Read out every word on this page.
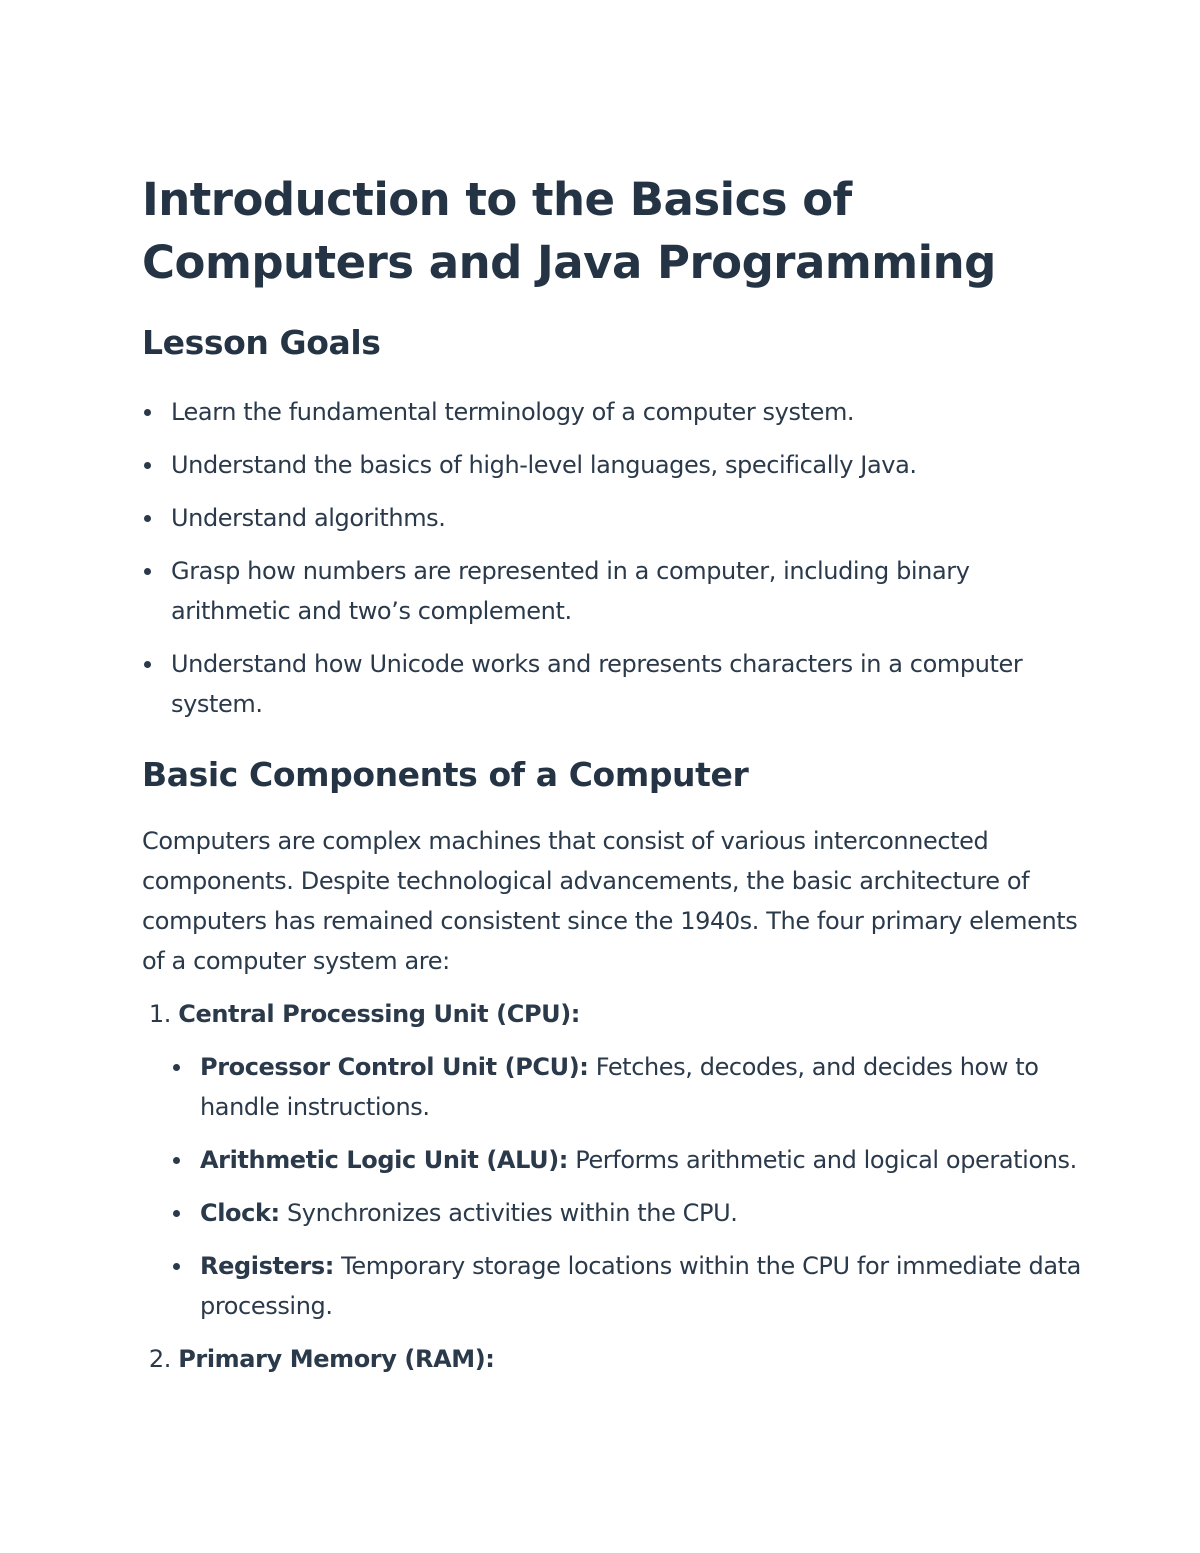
Introduction to the Basics of Computers and Java Programming
Lesson Goals
Learn the fundamental terminology of a computer system.
Understand the basics of high-level languages, specifically Java.
Understand algorithms.
Grasp how numbers are represented in a computer, including binary arithmetic and two’s complement.
Understand how Unicode works and represents characters in a computer system.
Basic Components of a Computer

Computers are complex machines that consist of various interconnected components. Despite technological advancements, the basic architecture of computers has remained consistent since the 1940s. The four primary elements of a computer system are:

1. Central Processing Unit (CPU):
Processor Control Unit (PCU): Fetches, decodes, and decides how to handle instructions.
Arithmetic Logic Unit (ALU): Performs arithmetic and logical operations.
Clock: Synchronizes activities within the CPU.
Registers: Temporary storage locations within the CPU for immediate data processing.
2. Primary Memory (RAM):
